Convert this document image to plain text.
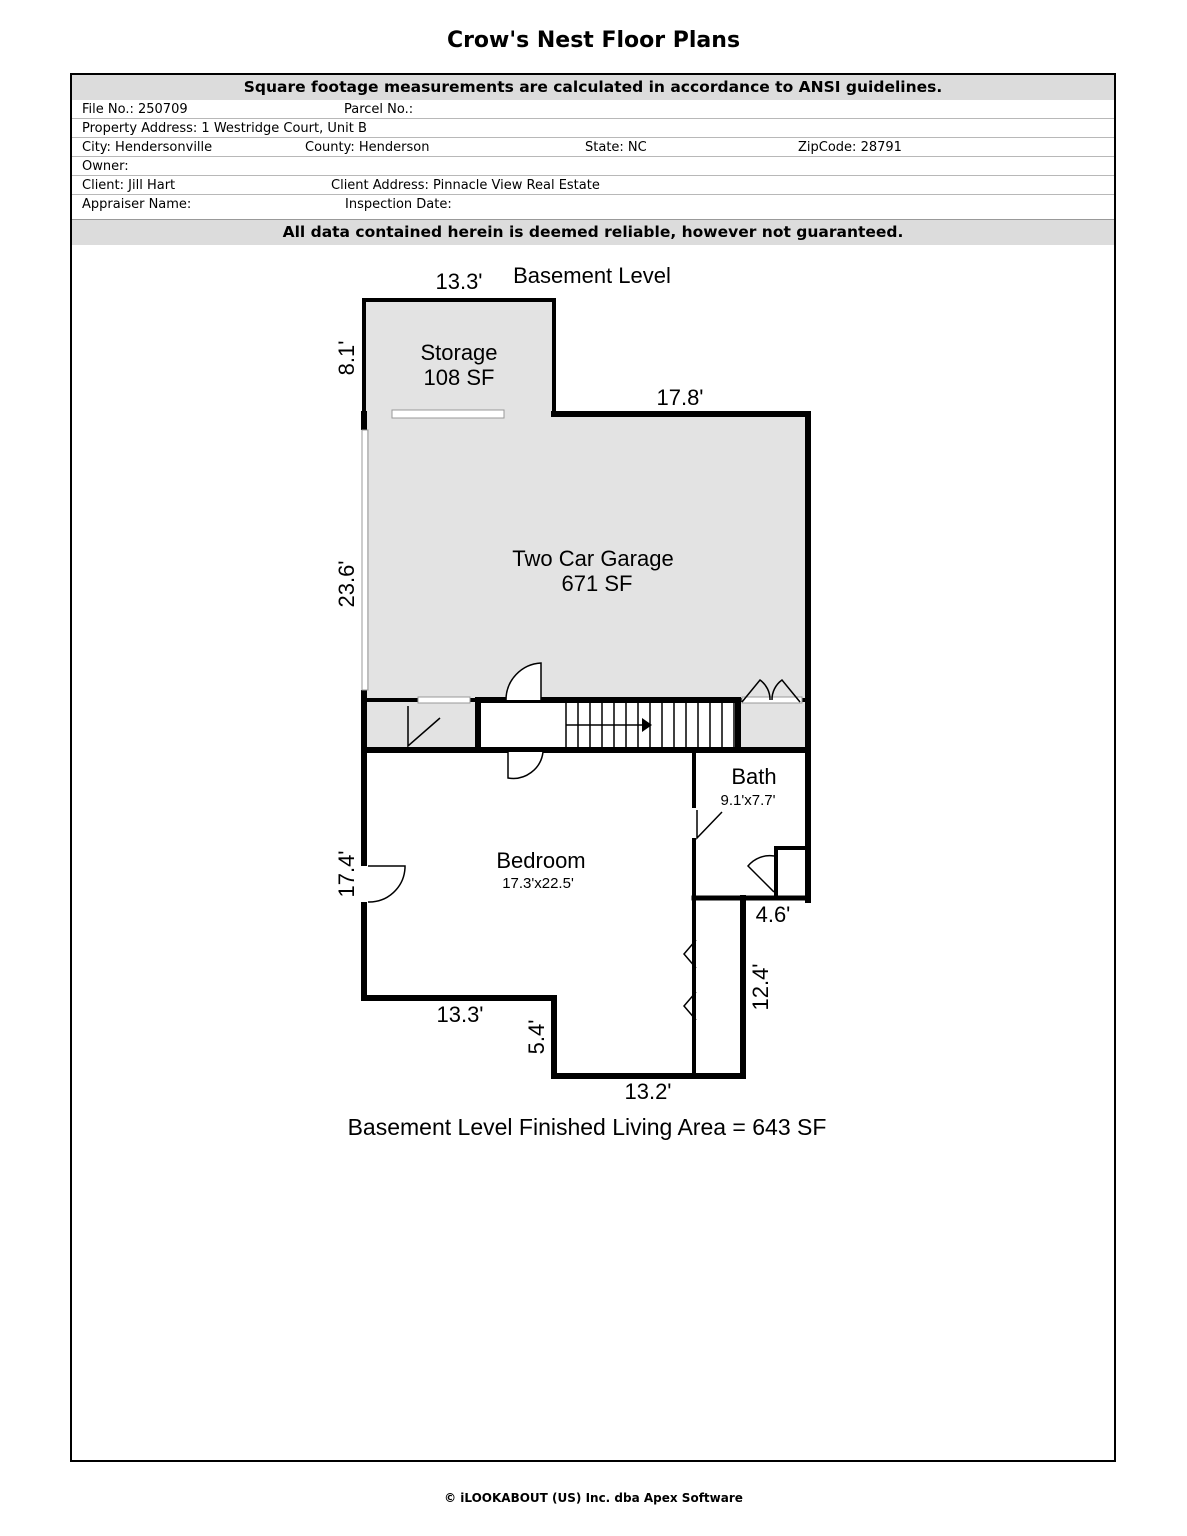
Crow's Nest Floor Plans
Square footage measurements are calculated in accordance to ANSI guidelines.
File No.: 250709	Parcel No.:
Property Address: 1 Westridge Court, Unit B
City: Hendersonville	County: Henderson	State: NC	ZipCode: 28791
Owner:
Client: Jill Hart	Client Address: Pinnacle View Real Estate
Appraiser Name:	Inspection Date:
All data contained herein is deemed reliable, however not guaranteed.
Basement Level
Storage
108 SF
Two Car Garage
671 SF
Bath
9.1'x7.7'
Bedroom
17.3'x22.5'
13.3'
17.8'
13.3'
13.2'
4.6'
8.1'
23.6'
17.4'
5.4'
12.4'
Basement Level Finished Living Area = 643 SF
© iLOOKABOUT (US) Inc. dba Apex Software
